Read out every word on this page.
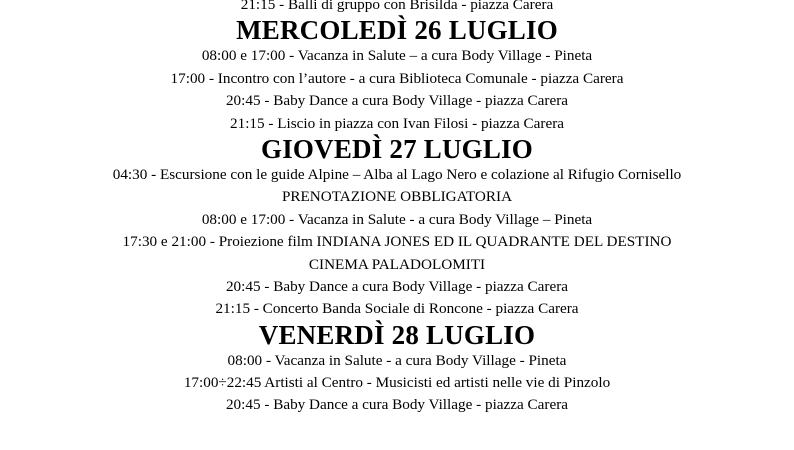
21:15 - Balli di gruppo con Brisilda - piazza Carera
MERCOLEDÌ 26 LUGLIO
08:00 e 17:00 - Vacanza in Salute – a cura Body Village - Pineta
17:00 - Incontro con l’autore - a cura Biblioteca Comunale - piazza Carera
20:45 - Baby Dance a cura Body Village - piazza Carera
21:15 - Liscio in piazza con Ivan Filosi - piazza Carera
GIOVEDÌ 27 LUGLIO
04:30 - Escursione con le guide Alpine – Alba al Lago Nero e colazione al Rifugio Cornisello
PRENOTAZIONE OBBLIGATORIA
08:00 e 17:00 - Vacanza in Salute - a cura Body Village – Pineta
17:30 e 21:00 - Proiezione film INDIANA JONES ED IL QUADRANTE DEL DESTINO
CINEMA PALADOLOMITI
20:45 - Baby Dance a cura Body Village - piazza Carera
21:15 - Concerto Banda Sociale di Roncone - piazza Carera
VENERDÌ 28 LUGLIO
08:00 - Vacanza in Salute - a cura Body Village - Pineta
17:00÷22:45 Artisti al Centro - Musicisti ed artisti nelle vie di Pinzolo
20:45 - Baby Dance a cura Body Village - piazza Carera
